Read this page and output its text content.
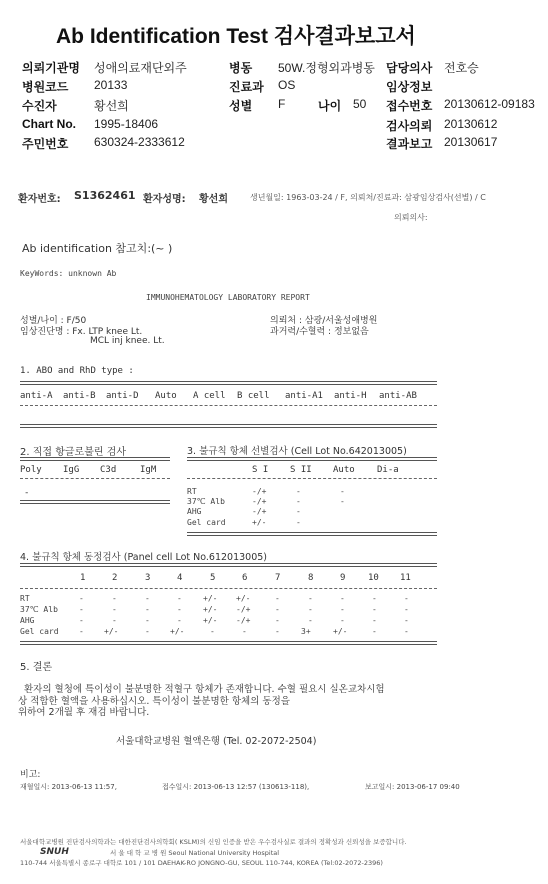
Ab Identification Test 검사결과보고서
의뢰기관명 성애의료재단외주	병동 50W.정형외과병동 담당의사 전호승
병원코드 20133	진료과 OS	임상정보
수진자	황선희	성별 F	나이 50 접수번호 20130612-09183
Chart No. 1995-18406	검사의뢰 20130612
주민번호 630324-2333612	결과보고 20130617
환자번호: S1362461 환자성명: 황선희	생년월일: 1963-03-24 / F, 의뢰처/진료과: 삼광임상검사(선별) / C
의뢰의사:
Ab identification 참고치:(~ )
KeyWords: unknown Ab
IMMUNOHEMATOLOGY LABORATORY REPORT
성별/나이 : F/50
임상진단명 : Fx. LTP knee Lt.
MCL inj knee. Lt.
의뢰처 : 삼광/서울성애병원
과거력/수혈력 : 정보없음
1. ABO and RhD type :
anti-A anti-B anti-D Auto A cell B cell anti-A1 anti-H anti-AB
2. 직접 항글로불린 검사
Poly IgG C3d	IgM
-
3. 불규칙 항체 선별검사 (Cell Lot No.642013005)
S I S II Auto Di-a
RT	-/+	-	-
37℃ Alb	-/+	-	-
AHG	-/+	-
Gel card	+/-	-
4. 불규칙 항체 동정검사 (Panel cell Lot No.612013005)
1	2	3	4	5	6	7	8	9	10 11
RT	-	-	-	-	+/- +/-	-	-	-	-	-
37℃ Alb	-	-	-	-	+/- -/+	-	-	-	-	-
AHG	-	-	-	-	+/- -/+	-	-	-	-	-
Gel card	-	+/-	-	+/-	-	-	-	3+	+/-	-	-
5. 결론
환자의 혈청에 특이성이 불분명한 적혈구 항체가 존재합니다. 수혈 필요시 실온교차시험
상 적합한 혈액을 사용하십시오. 특이성이 불분명한 항체의 동정을
위하여 2개월 후 재검 바랍니다.
서울대학교병원 혈액은행 (Tel. 02-2072-2504)
비고:
재혈일시: 2013-06-13 11:57,	접수일시: 2013-06-13 12:57 (130613-118),	보고일시: 2013-06-17 09:40
서울대학교병원 진단검사의학과는 대한진단검사의학회( KSLM)의 신임 인증을 받은 우수검사실로 결과의 정확성과 신뢰성을 보증합니다.
SNUH	서 울 대 학 교 병 원 Seoul National University Hospital
110-744 서울특별시 종로구 대학로 101 / 101 DAEHAK-RO JONGNO-GU, SEOUL 110-744, KOREA (Tel:02-2072-2396)
